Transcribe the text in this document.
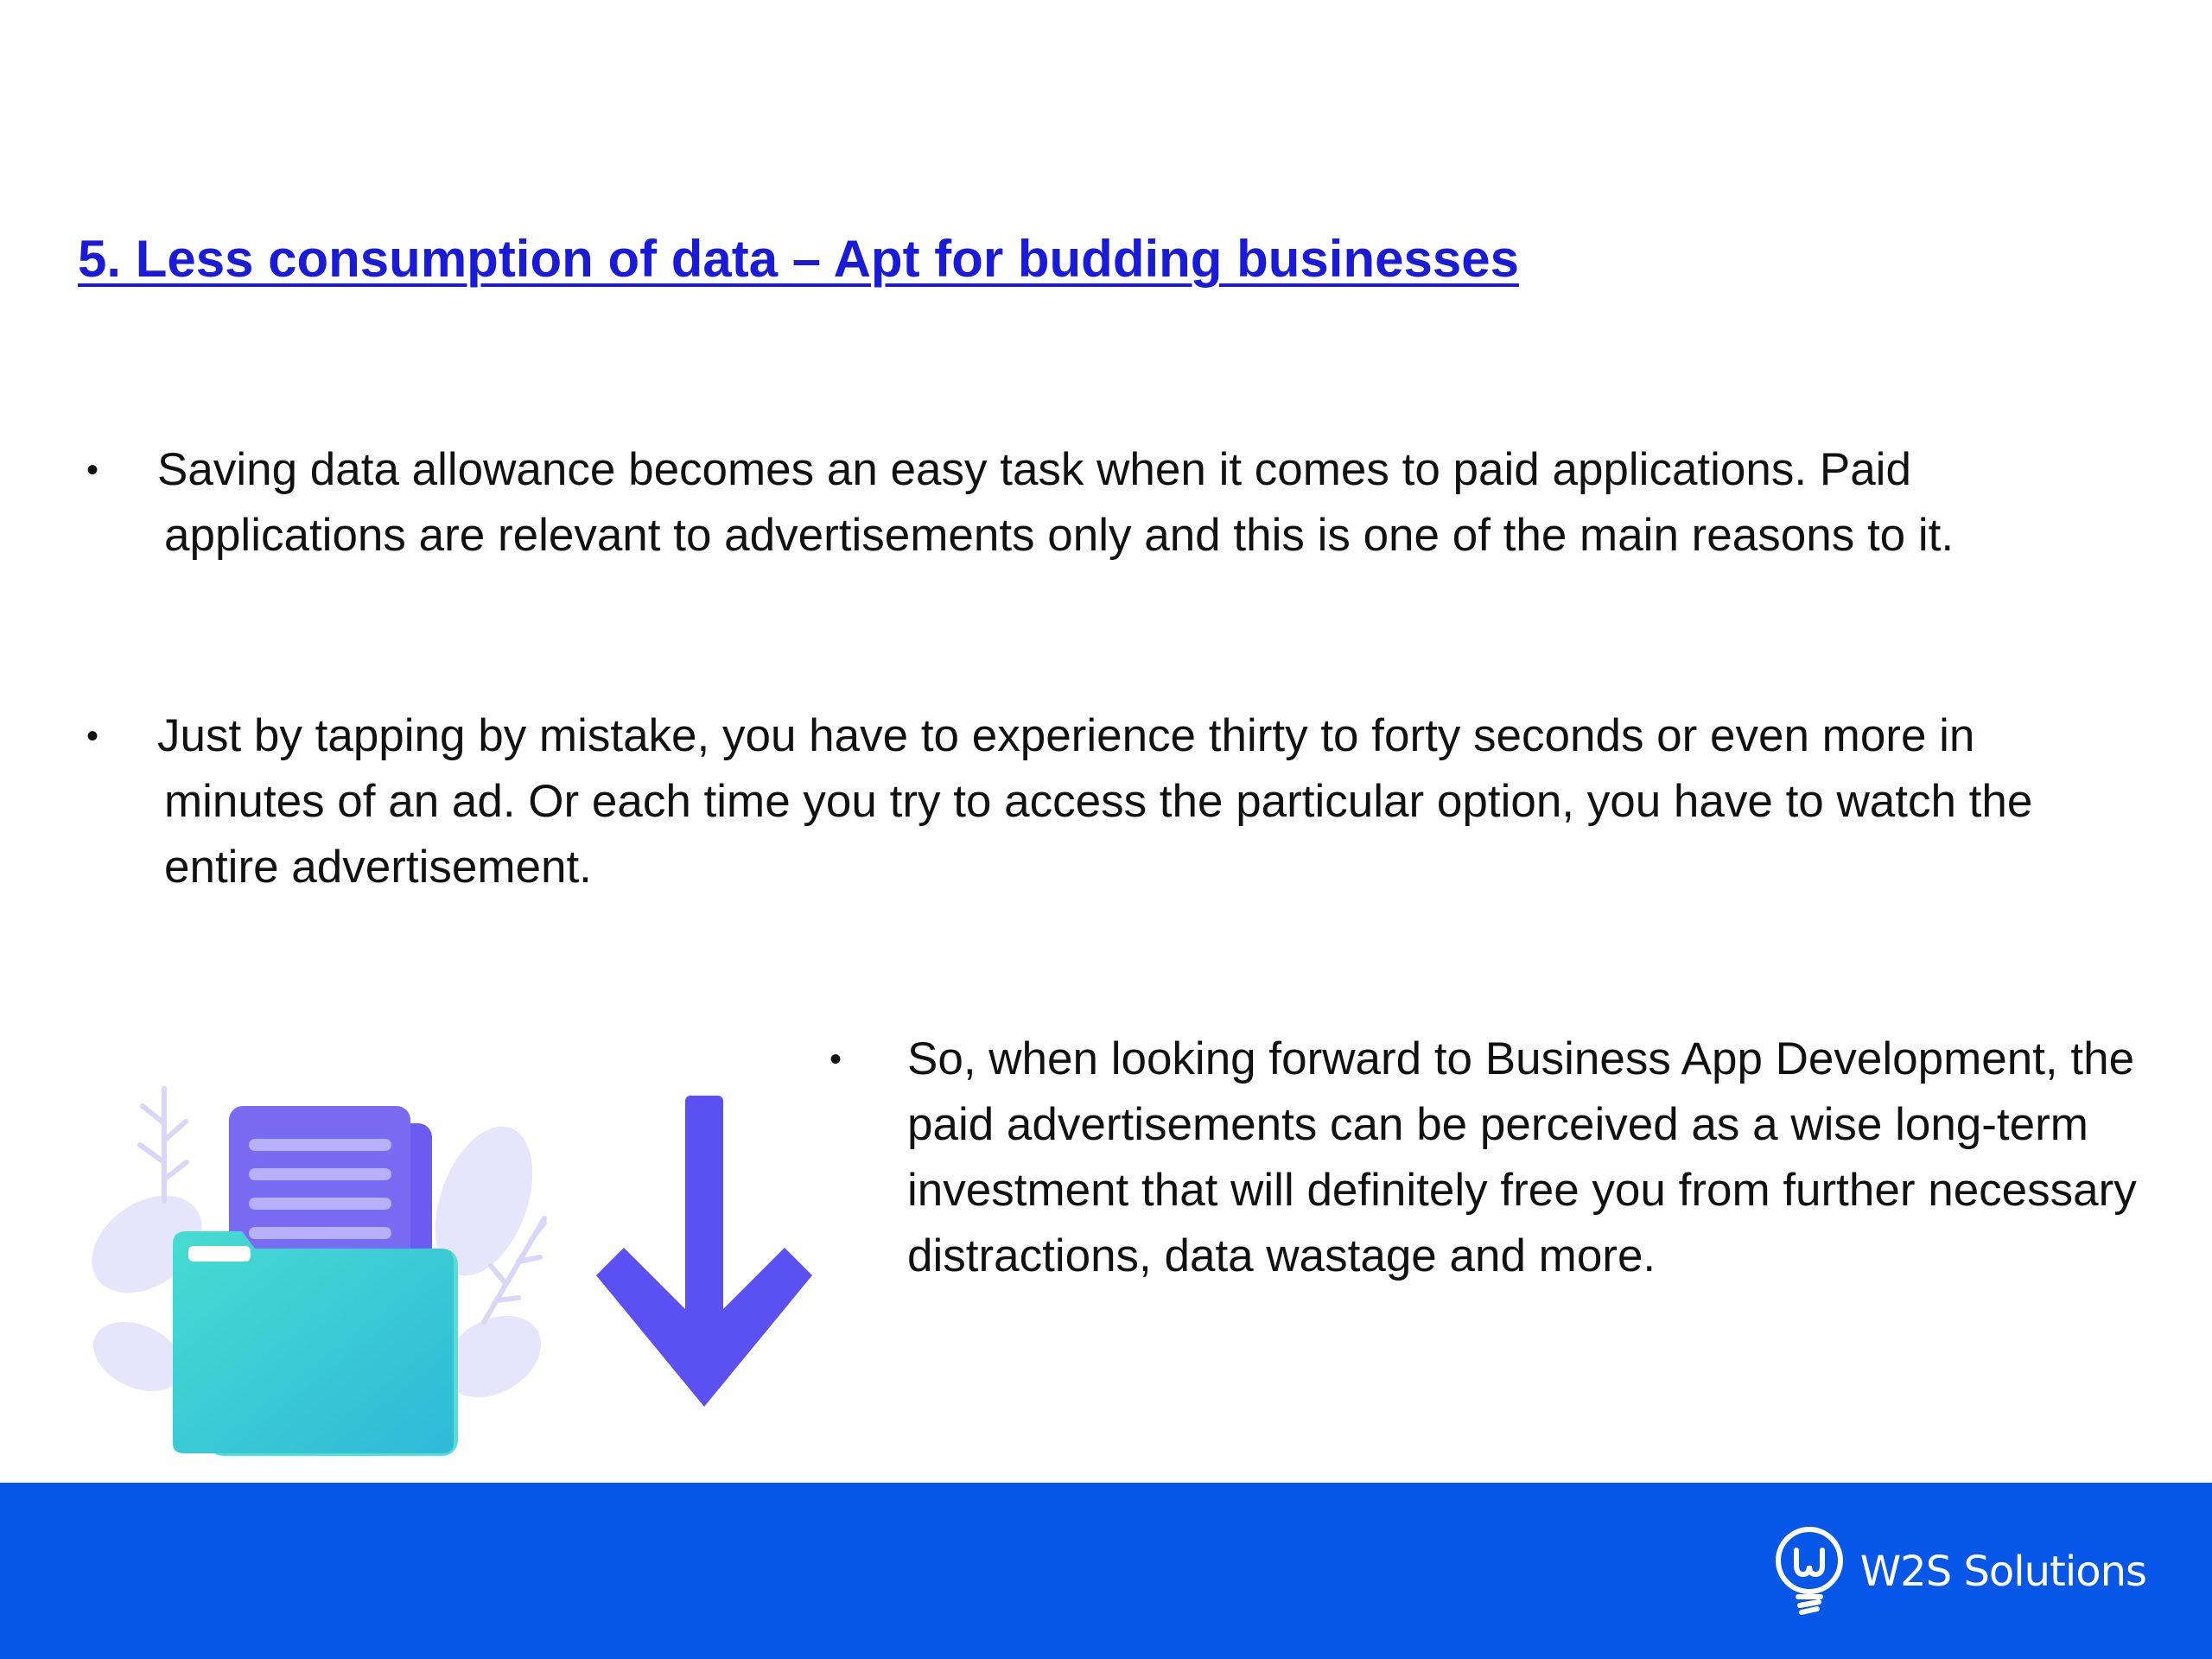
5. Less consumption of data – Apt for budding businesses
•	Saving data allowance becomes an easy task when it comes to paid applications. Paid applications are relevant to advertisements only and this is one of the main reasons to it.
•	Just by tapping by mistake, you have to experience thirty to forty seconds or even more in minutes of an ad. Or each time you try to access the particular option, you have to watch the entire advertisement.
•	So, when looking forward to Business App Development, the paid advertisements can be perceived as a wise long-term investment that will definitely free you from further necessary distractions, data wastage and more.
W2S Solutions
